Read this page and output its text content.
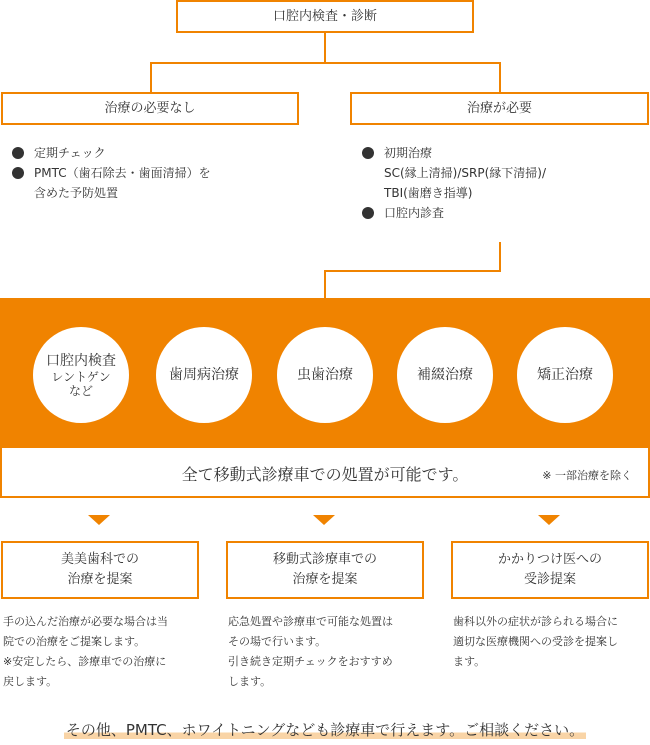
口腔内検査・診断
治療の必要なし	治療が必要
定期チェック
PMTC（歯石除去・歯面清掃）を
含めた予防処置
初期治療
SC(縁上清掃)/SRP(縁下清掃)/
TBI(歯磨き指導)
口腔内診査
口腔内検査
レントゲン
など
歯周病治療	虫歯治療	補綴治療	矯正治療
全て移動式診療車での処置が可能です。	※ 一部治療を除く
美美歯科での
治療を提案
移動式診療車での
治療を提案
かかりつけ医への
受診提案

手の込んだ治療が必要な場合は当
院での治療をご提案します。
※安定したら、診療車での治療に
戻します。

応急処置や診療車で可能な処置は
その場で行います。
引き続き定期チェックをおすすめ
します。

歯科以外の症状が診られる場合に
適切な医療機関への受診を提案し
ます。

その他、PMTC、ホワイトニングなども診療車で行えます。ご相談ください。
